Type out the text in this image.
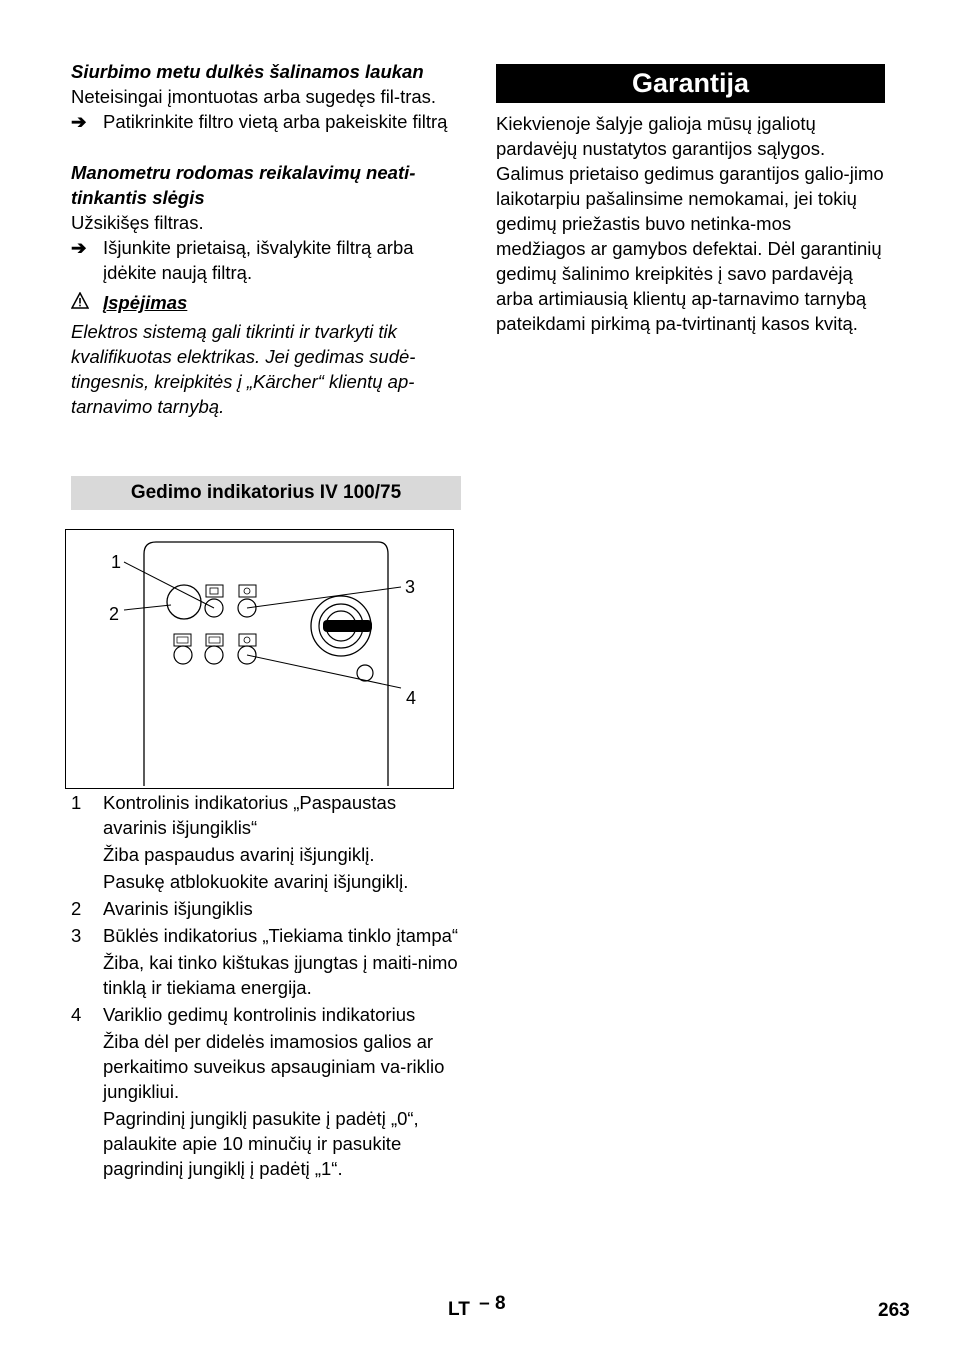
Siurbimo metu dulkės šalinamos laukan

Neteisingai įmontuotas arba sugedęs fil-tras.

➔ Patikrinkite filtro vietą arba pakeiskite filtrą

Manometru rodomas reikalavimų neati-tinkantis slėgis

Užsikišęs filtras.

➔ Išjunkite prietaisą, išvalykite filtrą arba įdėkite naują filtrą.
Įspėjimas

Elektros sistemą gali tikrinti ir tvarkyti tik kvalifikuotas elektrikas. Jei gedimas sudė-tingesnis, kreipkitės į „Kärcher“ klientų ap-tarnavimo tarnybą.

Gedimo indikatorius IV 100/75
1
2
3
4
1	Kontrolinis indikatorius „Paspaustas avarinis išjungiklis“

Žiba paspaudus avarinį išjungiklį.

Pasukę atblokuokite avarinį išjungiklį.

2	Avarinis išjungiklis
3	Būklės indikatorius „Tiekiama tinklo įtampa“

Žiba, kai tinko kištukas įjungtas į maiti-nimo tinklą ir tiekiama energija.

4	Variklio gedimų kontrolinis indikatorius

Žiba dėl per didelės imamosios galios ar perkaitimo suveikus apsauginiam va-riklio jungikliui.

Pagrindinį jungiklį pasukite į padėtį „0“, palaukite apie 10 minučių ir pasukite pagrindinį jungiklį į padėtį „1“.

Garantija

Kiekvienoje šalyje galioja mūsų įgaliotų pardavėjų nustatytos garantijos sąlygos. Galimus prietaiso gedimus garantijos galio-jimo laikotarpiu pašalinsime nemokamai, jei tokių gedimų priežastis buvo netinka-mos medžiagos ar gamybos defektai. Dėl garantinių gedimų šalinimo kreipkitės į savo pardavėją arba artimiausią klientų ap-tarnavimo tarnybą pateikdami pirkimą pa-tvirtinantį kasos kvitą.

LT – 8	263
